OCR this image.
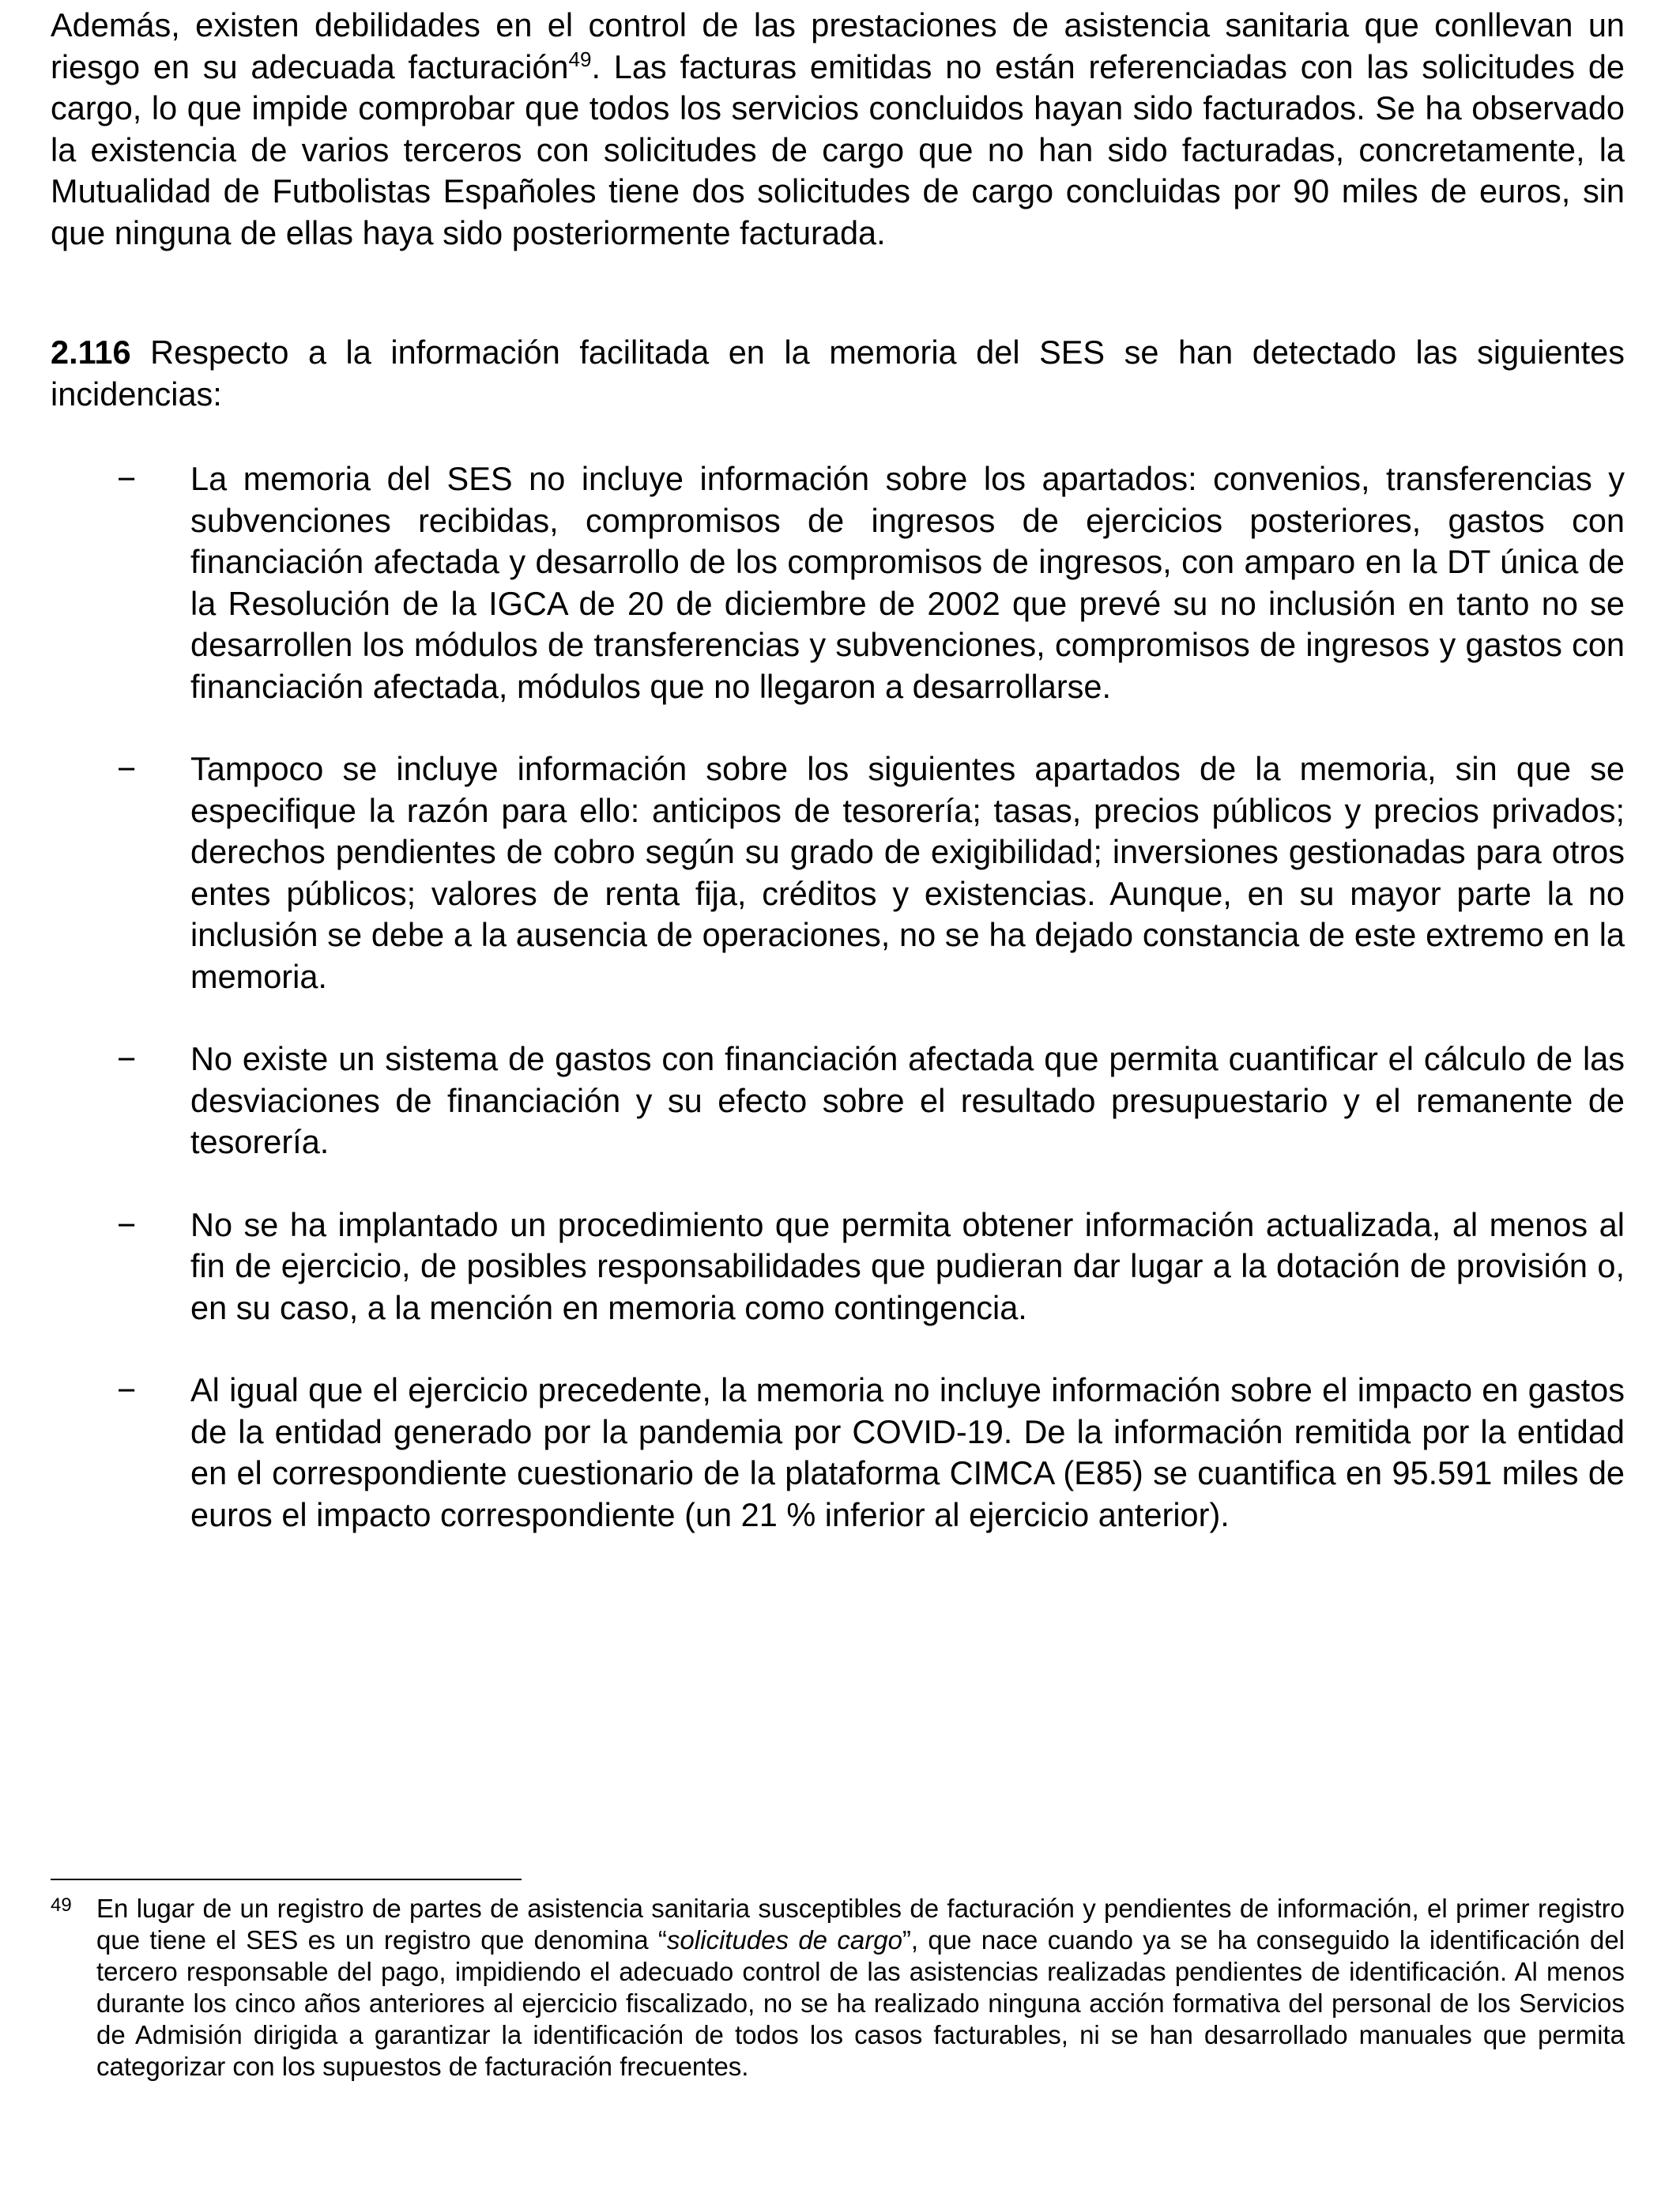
Además, existen debilidades en el control de las prestaciones de asistencia sanitaria que conllevan un riesgo en su adecuada facturación$^{49}$. Las facturas emitidas no están referenciadas con las solicitudes de cargo, lo que impide comprobar que todos los servicios concluidos hayan sido facturados. Se ha observado la existencia de varios terceros con solicitudes de cargo que no han sido facturadas, concretamente, la Mutualidad de Futbolistas Españoles tiene dos solicitudes de cargo concluidas por 90 miles de euros, sin que ninguna de ellas haya sido posteriormente facturada.

2.116 Respecto a la información facilitada en la memoria del SES se han detectado las siguientes incidencias:

− La memoria del SES no incluye información sobre los apartados: convenios, transferencias y subvenciones recibidas, compromisos de ingresos de ejercicios posteriores, gastos con financiación afectada y desarrollo de los compromisos de ingresos, con amparo en la DT única de la Resolución de la IGCA de 20 de diciembre de 2002 que prevé su no inclusión en tanto no se desarrollen los módulos de transferencias y subvenciones, compromisos de ingresos y gastos con financiación afectada, módulos que no llegaron a desarrollarse.

− Tampoco se incluye información sobre los siguientes apartados de la memoria, sin que se especifique la razón para ello: anticipos de tesorería; tasas, precios públicos y precios privados; derechos pendientes de cobro según su grado de exigibilidad; inversiones gestionadas para otros entes públicos; valores de renta fija, créditos y existencias. Aunque, en su mayor parte la no inclusión se debe a la ausencia de operaciones, no se ha dejado constancia de este extremo en la memoria.

− No existe un sistema de gastos con financiación afectada que permita cuantificar el cálculo de las desviaciones de financiación y su efecto sobre el resultado presupuestario y el remanente de tesorería.

− No se ha implantado un procedimiento que permita obtener información actualizada, al menos al fin de ejercicio, de posibles responsabilidades que pudieran dar lugar a la dotación de provisión o, en su caso, a la mención en memoria como contingencia.

− Al igual que el ejercicio precedente, la memoria no incluye información sobre el impacto en gastos de la entidad generado por la pandemia por COVID-19. De la información remitida por la entidad en el correspondiente cuestionario de la plataforma CIMCA (E85) se cuantifica en 95.591 miles de euros el impacto correspondiente (un 21 % inferior al ejercicio anterior).

49 En lugar de un registro de partes de asistencia sanitaria susceptibles de facturación y pendientes de información, el primer registro que tiene el SES es un registro que denomina “solicitudes de cargo”, que nace cuando ya se ha conseguido la identificación del tercero responsable del pago, impidiendo el adecuado control de las asistencias realizadas pendientes de identificación. Al menos durante los cinco años anteriores al ejercicio fiscalizado, no se ha realizado ninguna acción formativa del personal de los Servicios de Admisión dirigida a garantizar la identificación de todos los casos facturables, ni se han desarrollado manuales que permita categorizar con los supuestos de facturación frecuentes.
